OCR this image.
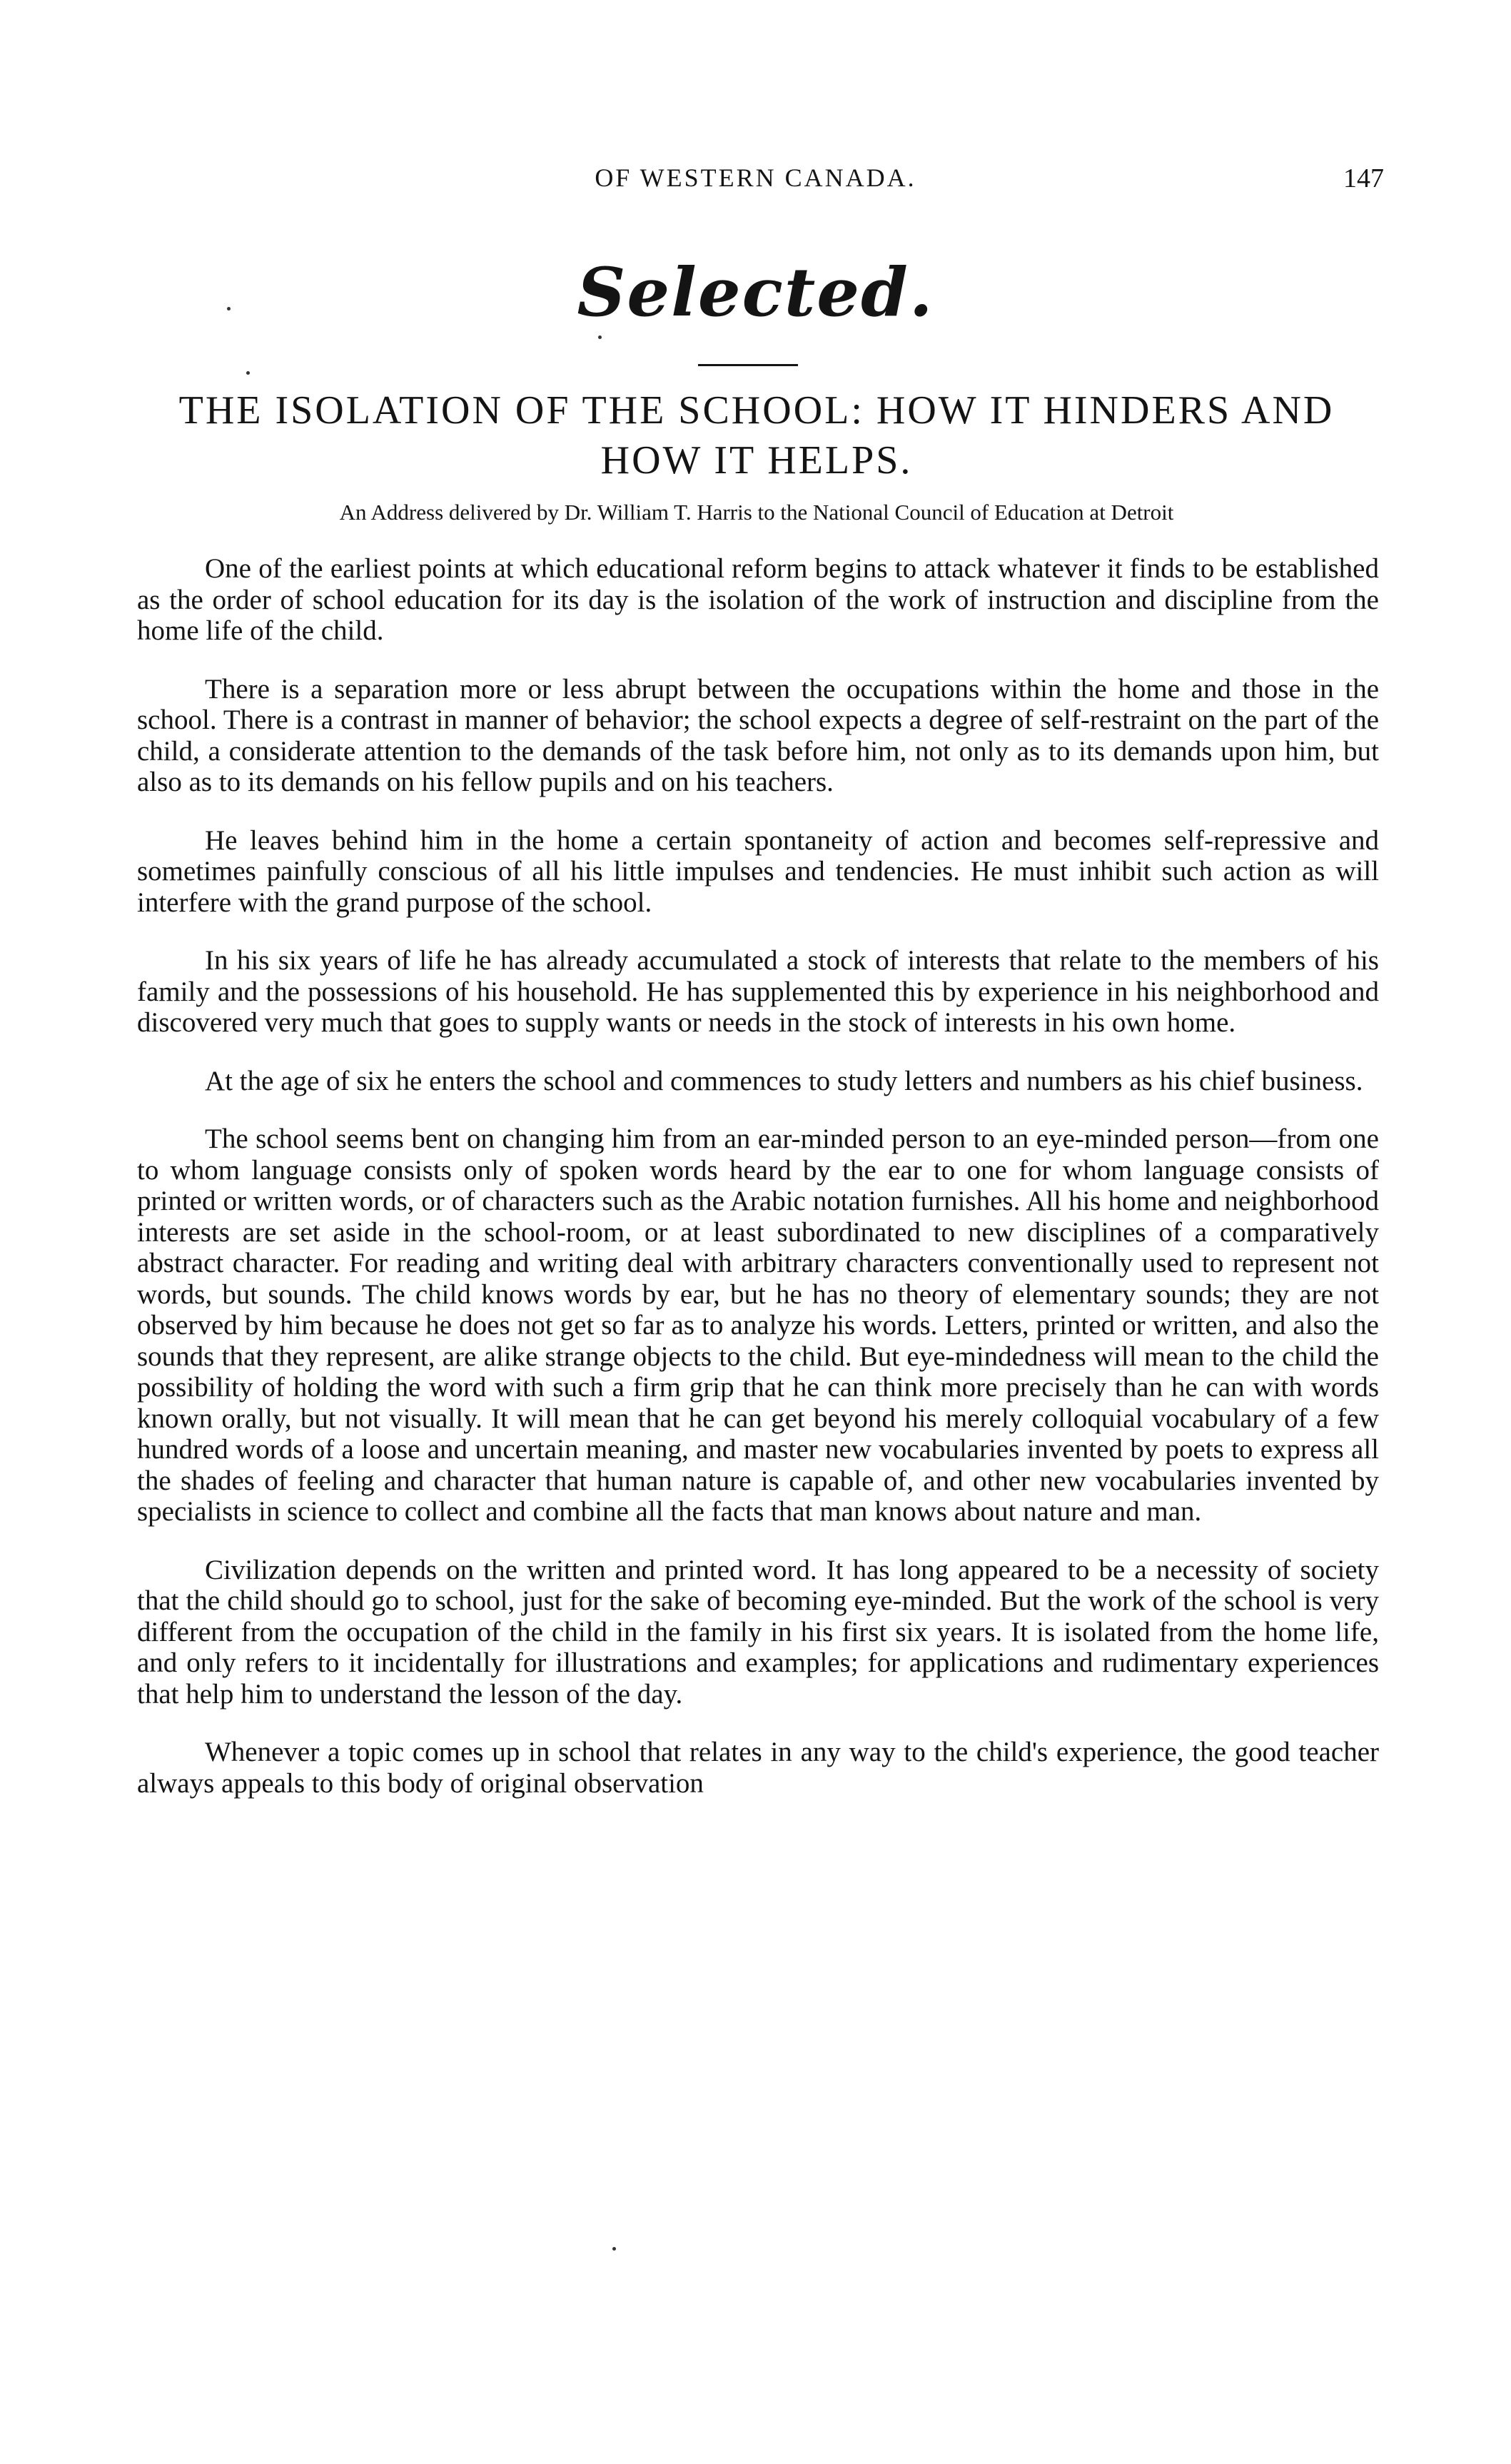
OF WESTERN CANADA.	147
Selected.
THE ISOLATION OF THE SCHOOL: HOW IT HINDERS AND HOW IT HELPS.
An Address delivered by Dr. William T. Harris to the National Council of Education at Detroit

One of the earliest points at which educational reform begins to attack whatever it finds to be established as the order of school education for its day is the isolation of the work of instruction and discipline from the home life of the child.

There is a separation more or less abrupt between the occupations within the home and those in the school. There is a contrast in manner of behavior; the school expects a degree of self-restraint on the part of the child, a considerate attention to the demands of the task before him, not only as to its demands upon him, but also as to its demands on his fellow pupils and on his teachers.

He leaves behind him in the home a certain spontaneity of action and becomes self-repressive and sometimes painfully conscious of all his little impulses and tendencies. He must inhibit such action as will interfere with the grand purpose of the school.

In his six years of life he has already accumulated a stock of interests that relate to the members of his family and the possessions of his household. He has supplemented this by experience in his neighborhood and discovered very much that goes to supply wants or needs in the stock of interests in his own home.

At the age of six he enters the school and commences to study letters and numbers as his chief business.

The school seems bent on changing him from an ear-minded person to an eye-minded person—from one to whom language consists only of spoken words heard by the ear to one for whom language consists of printed or written words, or of characters such as the Arabic notation furnishes. All his home and neighborhood interests are set aside in the school-room, or at least subordinated to new disciplines of a comparatively abstract character. For reading and writing deal with arbitrary characters conventionally used to represent not words, but sounds. The child knows words by ear, but he has no theory of elementary sounds; they are not observed by him because he does not get so far as to analyze his words. Letters, printed or written, and also the sounds that they represent, are alike strange objects to the child. But eye-mindedness will mean to the child the possibility of holding the word with such a firm grip that he can think more precisely than he can with words known orally, but not visually. It will mean that he can get beyond his merely colloquial vocabulary of a few hundred words of a loose and uncertain meaning, and master new vocabularies invented by poets to express all the shades of feeling and character that human nature is capable of, and other new vocabularies invented by specialists in science to collect and combine all the facts that man knows about nature and man.

Civilization depends on the written and printed word. It has long appeared to be a necessity of society that the child should go to school, just for the sake of becoming eye-minded. But the work of the school is very different from the occupation of the child in the family in his first six years. It is isolated from the home life, and only refers to it incidentally for illustrations and examples; for applications and rudimentary experiences that help him to understand the lesson of the day.

Whenever a topic comes up in school that relates in any way to the child's experience, the good teacher always appeals to this body of original observation
